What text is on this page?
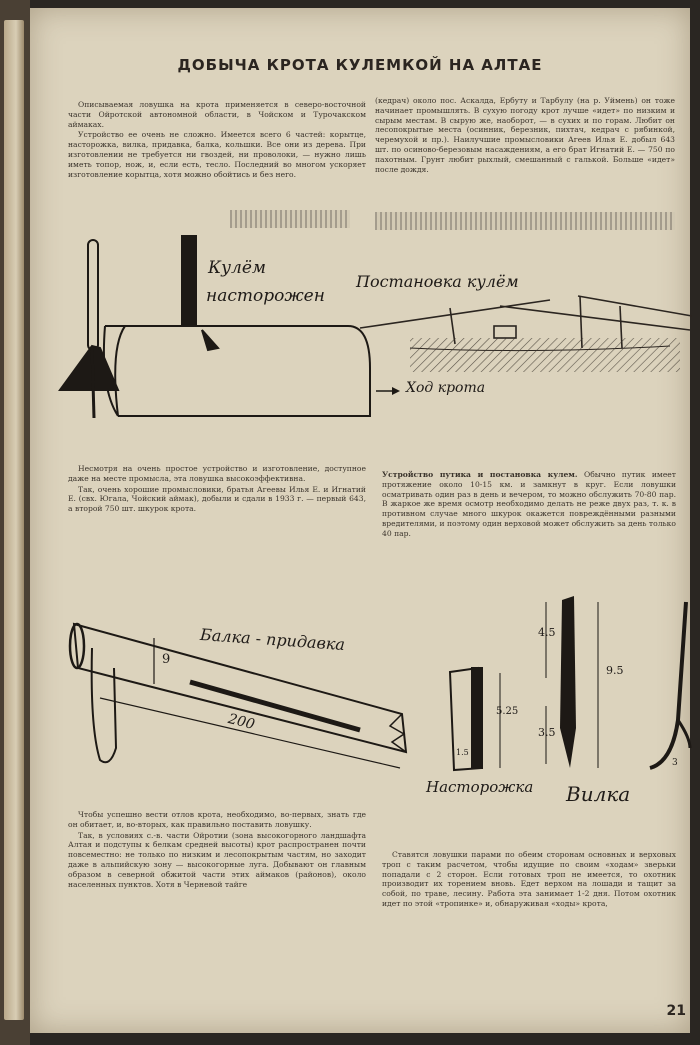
ДОБЫЧА КРОТА КУЛЕМКОЙ НА АЛТАЕ

Описываемая ловушка на крота применяется в северо-восточной части Ойротской автономной области, в Чойском и Турочакском аймаках.

Устройство ее очень не сложно. Имеется всего 6 частей: корытце, насторожка, вилка, придавка, балка, кольшки. Все они из дерева. При изготовлении не требуется ни гвоздей, ни проволоки, — нужно лишь иметь топор, нож, и, если есть, тесло. Последний во многом ускоряет изготовление корытца, хотя можно обойтись и без него.

(кедрач) около пос. Аскалда, Ербуту и Тарбулу (на р. Уймень) он тоже начинает промышлять. В сухую погоду крот лучше «идет» по низким и сырым местам. В сырую же, наоборот, — в сухих и по горам. Любит он лесопокрытые места (осинник, березник, пихтач, кедрач с рябинкой, черемухой и пр.). Наилучшие промысловики Агеев Илья Е. добыл 643 шт. по осиново-березовым насаждениям, а его брат Игнатий Е. — 750 по пахотным. Грунт любит рыхлый, смешанный с галькой. Больше «идет» после дождя.

Кулём
насторожен
Постановка кулём
Ход крота

Несмотря на очень простое устройство и изготовление, доступное даже на месте промысла, эта ловушка высокоэффективна.

Так, очень хорошие промысловики, братья Агеевы Илья Е. и Игнатий Е. (свх. Югала, Чойский аймак), добыли и сдали в 1933 г. — первый 643, а второй 750 шт. шкурок крота.

Устройство путика и постановка кулем. Обычно путик имеет протяжение около 10-15 км. и замкнут в круг. Если ловушки осматривать один раз в день и вечером, то можно обслужить 70-80 пар. В жаркое же время осмотр необходимо делать не реже двух раз, т. к. в противном случае много шкурок окажется повреждёнными разными вредителями, и поэтому один верховой может обслужить за день только 40 пар.

Балка - придавка
9
200	5.25
1.5
Насторожка
4.5
3.5
9.5
3
Вилка

Чтобы успешно вести отлов крота, необходимо, во-первых, знать где он обитает, и, во-вторых, как правильно поставить ловушку.

Так, в условиях с.-в. части Ойротии (зона высокогорного ландшафта Алтая и подступы к белкам средней высоты) крот распространен почти повсеместно: не только по низким и лесопокрытым частям, но заходит даже в альпийскую зону — высокогорные луга. Добывают он главным образом в северной обжитой части этих аймаков (районов), около населенных пунктов. Хотя в Черневой тайге

Ставятся ловушки парами по обеим сторонам основных и верховых троп с таким расчетом, чтобы идущие по своим «ходам» зверьки попадали с 2 сторон. Если готовых троп не имеется, то охотник производит их торением вновь. Едет верхом на лошади и тащит за собой, по траве, лесину. Работа эта занимает 1-2 дня. Потом охотник идет по этой «тропинке» и, обнаруживая «ходы» крота,

21
